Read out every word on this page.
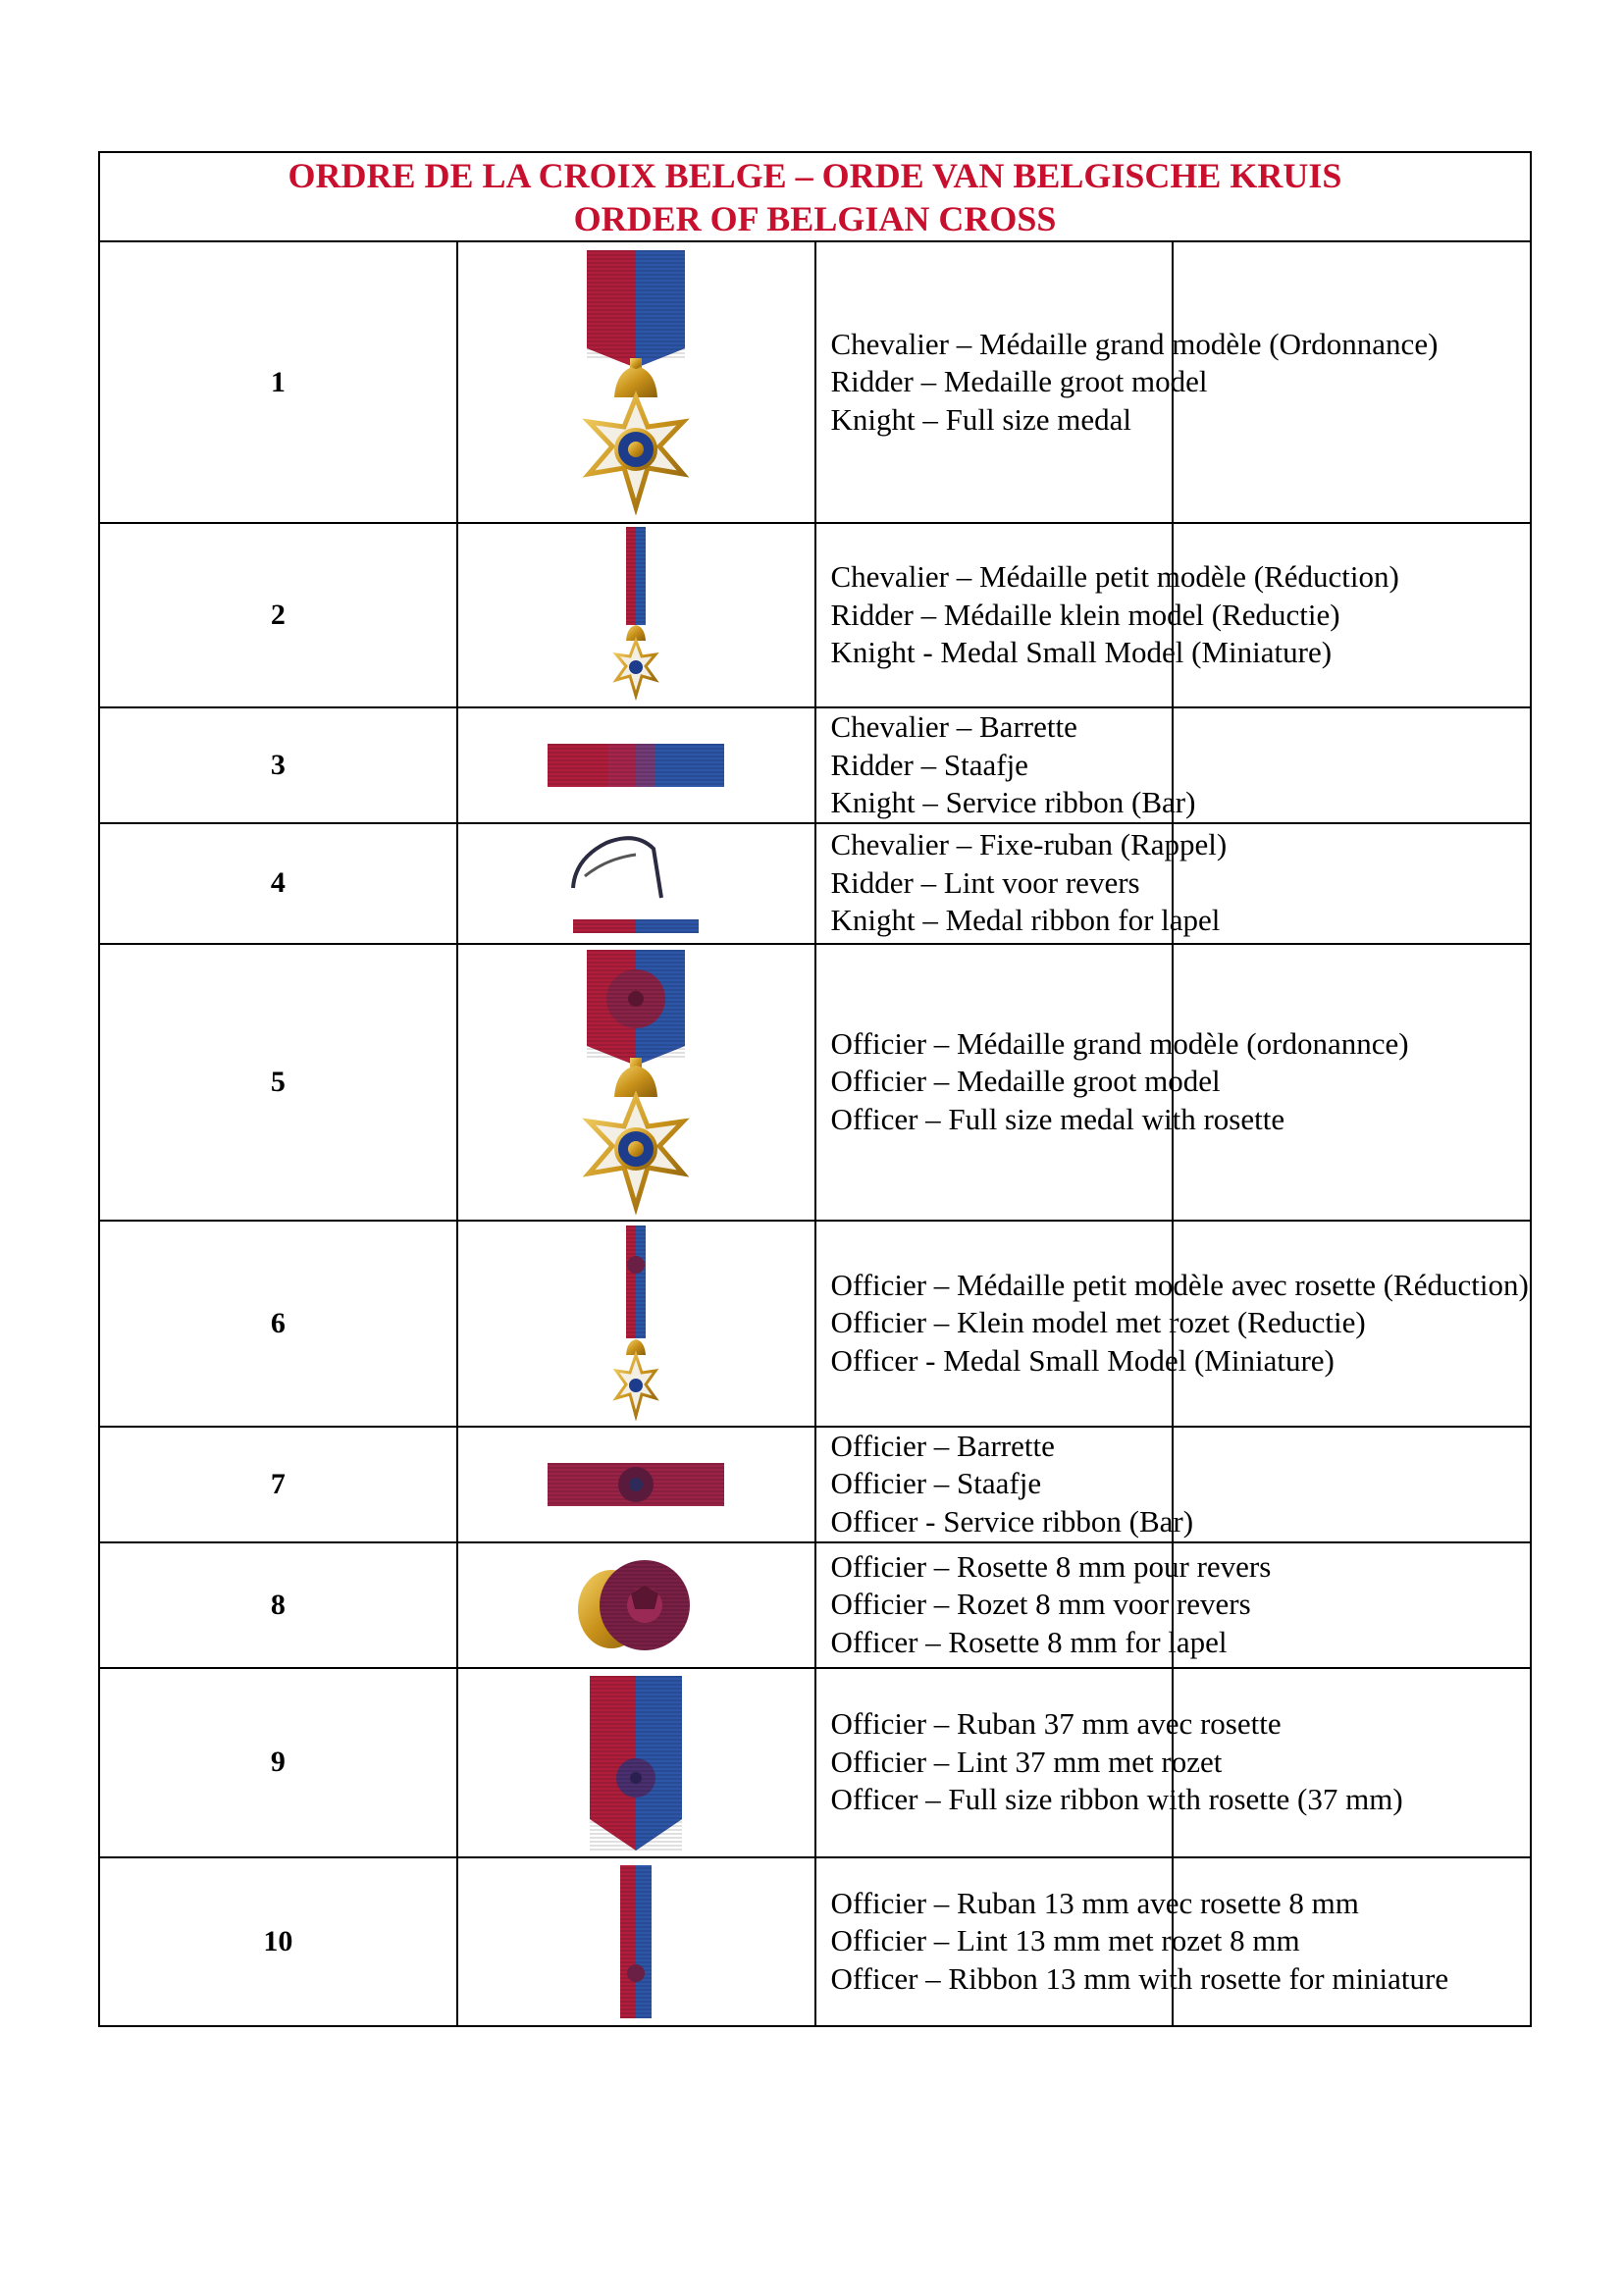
ORDRE DE LA CROIX BELGE – ORDE VAN BELGISCHE KRUIS
ORDER OF BELGIAN CROSS			

1		Chevalier – Médaille grand modèle (Ordonnance)
Ridder – Medaille groot model
Knight – Full size medal	

2		Chevalier – Médaille petit modèle (Réduction)
Ridder – Médaille klein model (Reductie)
Knight - Medal Small Model (Miniature)	

3		Chevalier – Barrette
Ridder – Staafje
Knight – Service ribbon (Bar)	

4		Chevalier – Fixe-ruban (Rappel)
Ridder – Lint voor revers
Knight – Medal ribbon for lapel	

5		Officier – Médaille grand modèle (ordonannce)
Officier – Medaille groot model
Officer – Full size medal with rosette	

6		Officier – Médaille petit modèle avec rosette (Réduction)
Officier – Klein model met rozet (Reductie)
Officer - Medal Small Model (Miniature)	

7		Officier – Barrette
Officier – Staafje
Officer - Service ribbon (Bar)	

8		Officier – Rosette 8 mm pour revers
Officier – Rozet 8 mm voor revers
Officer – Rosette 8 mm for lapel	

9		Officier – Ruban 37 mm avec rosette
Officier – Lint 37 mm met rozet
Officer – Full size ribbon with rosette (37 mm)	

10		Officier – Ruban 13 mm avec rosette 8 mm
Officier – Lint 13 mm met rozet 8 mm
Officer – Ribbon 13 mm with rosette for miniature	
